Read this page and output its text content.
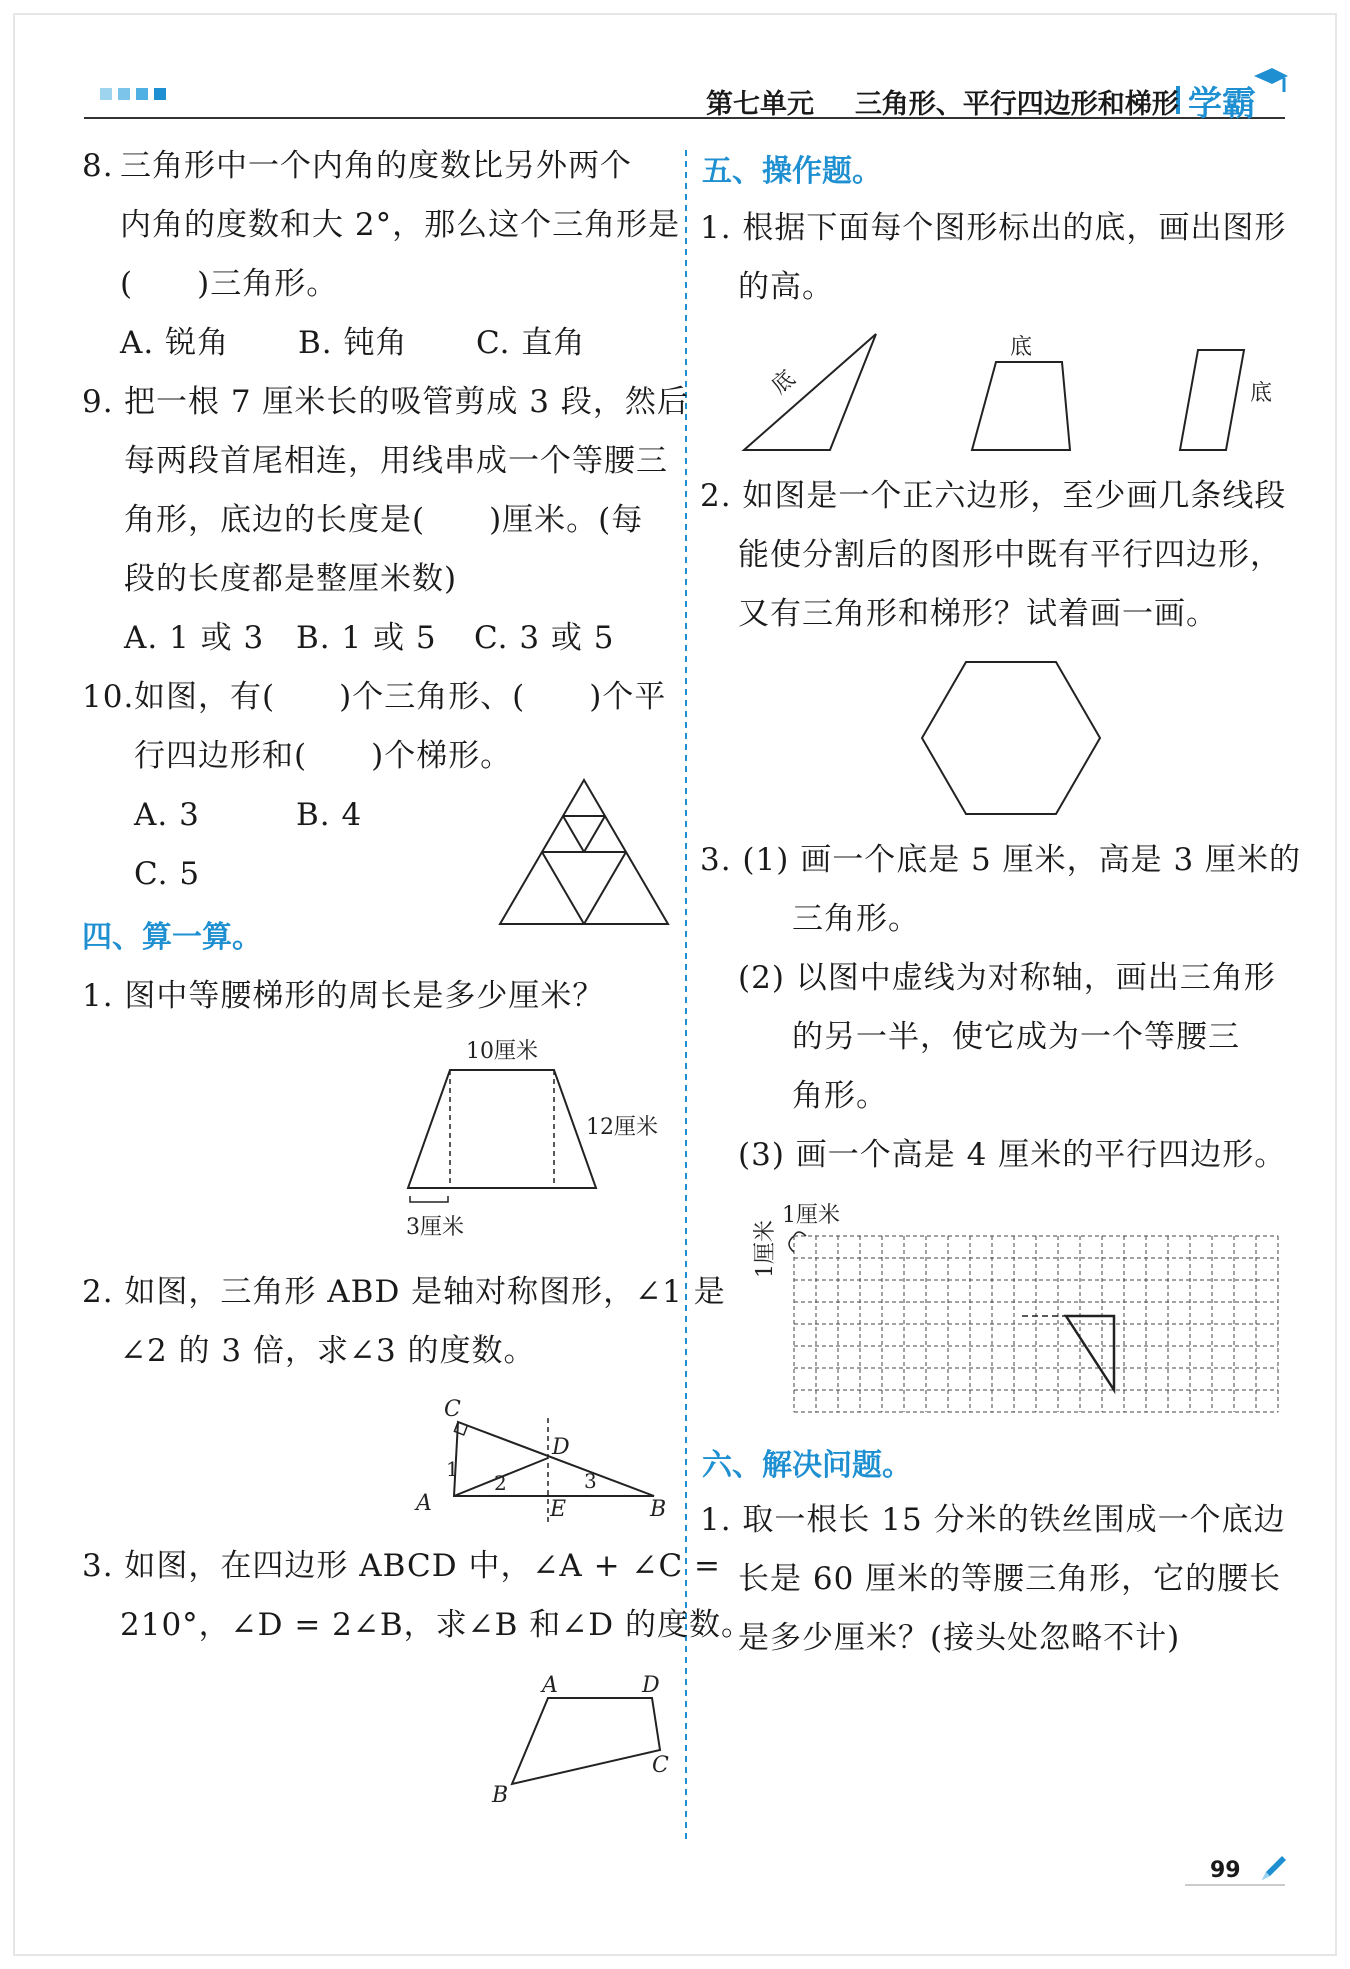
第七单元 三角形、平行四边形和梯形 学霸
8. 三角形中一个内角的度数比另外两个
内角的度数和大 2°，那么这个三角形是
(　　)三角形。
A. 锐角 B. 钝角 C. 直角
9. 把一根 7 厘米长的吸管剪成 3 段，然后
每两段首尾相连，用线串成一个等腰三
角形，底边的长度是(　　)厘米。(每
段的长度都是整厘米数)
A. 1 或 3 B. 1 或 5 C. 3 或 5
10. 如图，有(　　)个三角形、(　　)个平
行四边形和(　　)个梯形。
A. 3	B. 4
C. 5
四、算一算。
1. 图中等腰梯形的周长是多少厘米？
10厘米
12厘米
3厘米
2. 如图，三角形 ABD 是轴对称图形，∠1 是
∠2 的 3 倍，求∠3 的度数。
C
D
1
2	3
A	E	B
3. 如图，在四边形 ABCD 中，∠A + ∠C =
210°，∠D = 2∠B，求∠B 和∠D 的度数。
A	D
C
B
五、操作题。
1. 根据下面每个图形标出的底，画出图形
的高。
底
底
底
2. 如图是一个正六边形，至少画几条线段
能使分割后的图形中既有平行四边形，
又有三角形和梯形？试着画一画。
3. (1) 画一个底是 5 厘米，高是 3 厘米的
三角形。
(2) 以图中虚线为对称轴，画出三角形
的另一半，使它成为一个等腰三
角形。
(3) 画一个高是 4 厘米的平行四边形。
1厘米
1厘米
六、解决问题。
1. 取一根长 15 分米的铁丝围成一个底边
长是 60 厘米的等腰三角形，它的腰长
是多少厘米？(接头处忽略不计)
99
